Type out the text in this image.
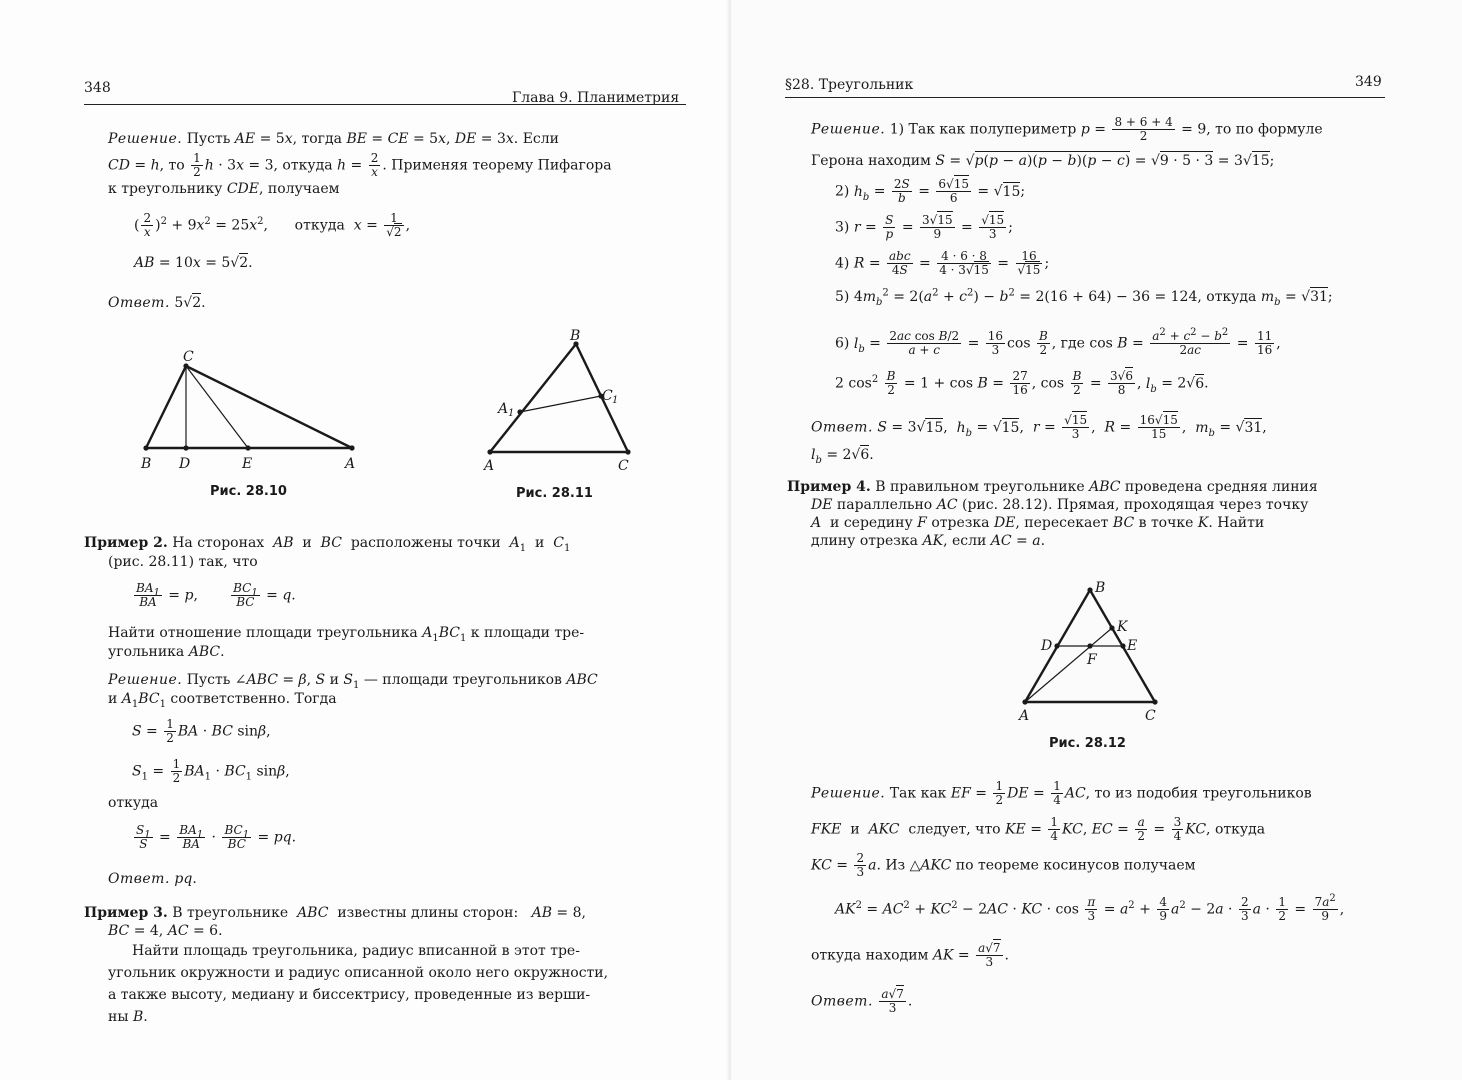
348
Глава 9. Планиметрия
Решение. Пусть AE = 5x, тогда BE = CE = 5x, DE = 3x. Если
CD = h, то $\frac{1}{2}$ h · 3x = 3, откуда $h = \frac{2}{x}$ . Применяя теорему Пифагора
к треугольнику CDE, получаем
( $\frac{2}{x} )^2 + 9x^2 = 25x^2$,      откуда $x = \frac{1}{√2}$ ,
AB = 10x = 5√2.
Ответ. 5√2.
C
B D	E	A
Рис. 28.10
B
A 1
C 1
A	C
Рис. 28.11
Пример 2. На сторонах AB и BC расположены точки $A_1$ и $C_1$
(рис. 28.11) так, что
$\frac{BA_1}{BA} = p$, $\frac{BC_1}{BC} = q$.
Найти отношение площади треугольника $A_1BC_1$ к площади тре-
угольника ABC.
Решение. Пусть ∠ABC = β, S и $S_1$ — площади треугольников ABC
и $A_1BC_1$ соответственно. Тогда
$S = \frac{1}{2}$ BA · BC sinβ,
$S_1 = \frac{1}{2} BA_1 \cdot BC_1$ sinβ,
откуда
$\frac{S_1}{S} = \frac{BA_1}{BA} \cdot \frac{BC_1}{BC}$ = pq.
Ответ. pq.
Пример 3. В треугольнике ABC известны длины сторон: AB = 8,
BC = 4, AC = 6.
Найти площадь треугольника, радиус вписанной в этот тре-
угольник окружности и радиус описанной около него окружности,
а также высоту, медиану и биссектрису, проведенные из верши-
ны B.
§28. Треугольник	349
Решение. 1) Так как полупериметр $p = \frac{8 + 6 + 4}{2} = 9$, то по формуле
Герона находим S = √p(p − a)(p − b)(p − c) = √9 · 5 · 3 = 3√15;
2) $h_b = \frac{2S}{b} = \frac{6√15}{6} = √15$;
3) $r = \frac{S}{p} = \frac{3√15}{9} = \frac{√15}{3}$ ;
4) $R = \frac{\text{abc}}{4S} = \frac{4 \cdot 6 \cdot 8}{4 \cdot 3√15} = \frac{16}{√15}$ ;
5) $4m_b^2 = 2(a^2 + c^2) - b^2 = 2(16 + 64) - 36 = 124$, откуда $m_b = √31$;
6) $l_b = \frac{\text{2ac cos B/2}}{a + c} = \frac{16}{3}$ $\cos \frac{B}{2}$ , где $\cos B = \frac{a^2 + c^2 - b^2}{2ac} = \frac{11}{16}$ ,
2 $\cos^2 \frac{B}{2} = 1 + \cos B = \frac{27}{16}$ , $\cos \frac{B}{2} = \frac{3√6}{8}$ , $l_b = 2√6$.
Ответ. S = 3√15,  $h_b = √15$,  $r = \frac{√15}{3}$ ,  $R = \frac{16√15}{15}$ ,  $m_b = √31$,
$l_b = 2√6$.
Пример 4. В правильном треугольнике ABC проведена средняя линия
DE параллельно AC (рис. 28.12). Прямая, проходящая через точку
A и середину F отрезка DE, пересекает BC в точке K. Найти
длину отрезка AK, если AC = a.
B
K
D	E
F
A	C
Рис. 28.12
Решение. Так как EF = $\frac{1}{2}$ DE = $\frac{1}{4}$ AC, то из подобия треугольников
FKE и AKC следует, что KE = $\frac{1}{4}$ KC, EC = $\frac{a}{2} = \frac{3}{4}$ KC, откуда
KC = $\frac{2}{3} a$. Из △AKC по теореме косинусов получаем
$AK^2 = AC^2 + KC^2 - 2AC$ · KC · $\cos \frac{\pi}{3} = a^2 + \frac{4}{9} a^2 - 2a \cdot \frac{2}{3}$ $a \cdot \frac{1}{2} = \frac{7a^2}{9}$ ,
откуда находим AK = $\frac{a√7}{3}$ .
Ответ. $\frac{a√7}{3}$ .
